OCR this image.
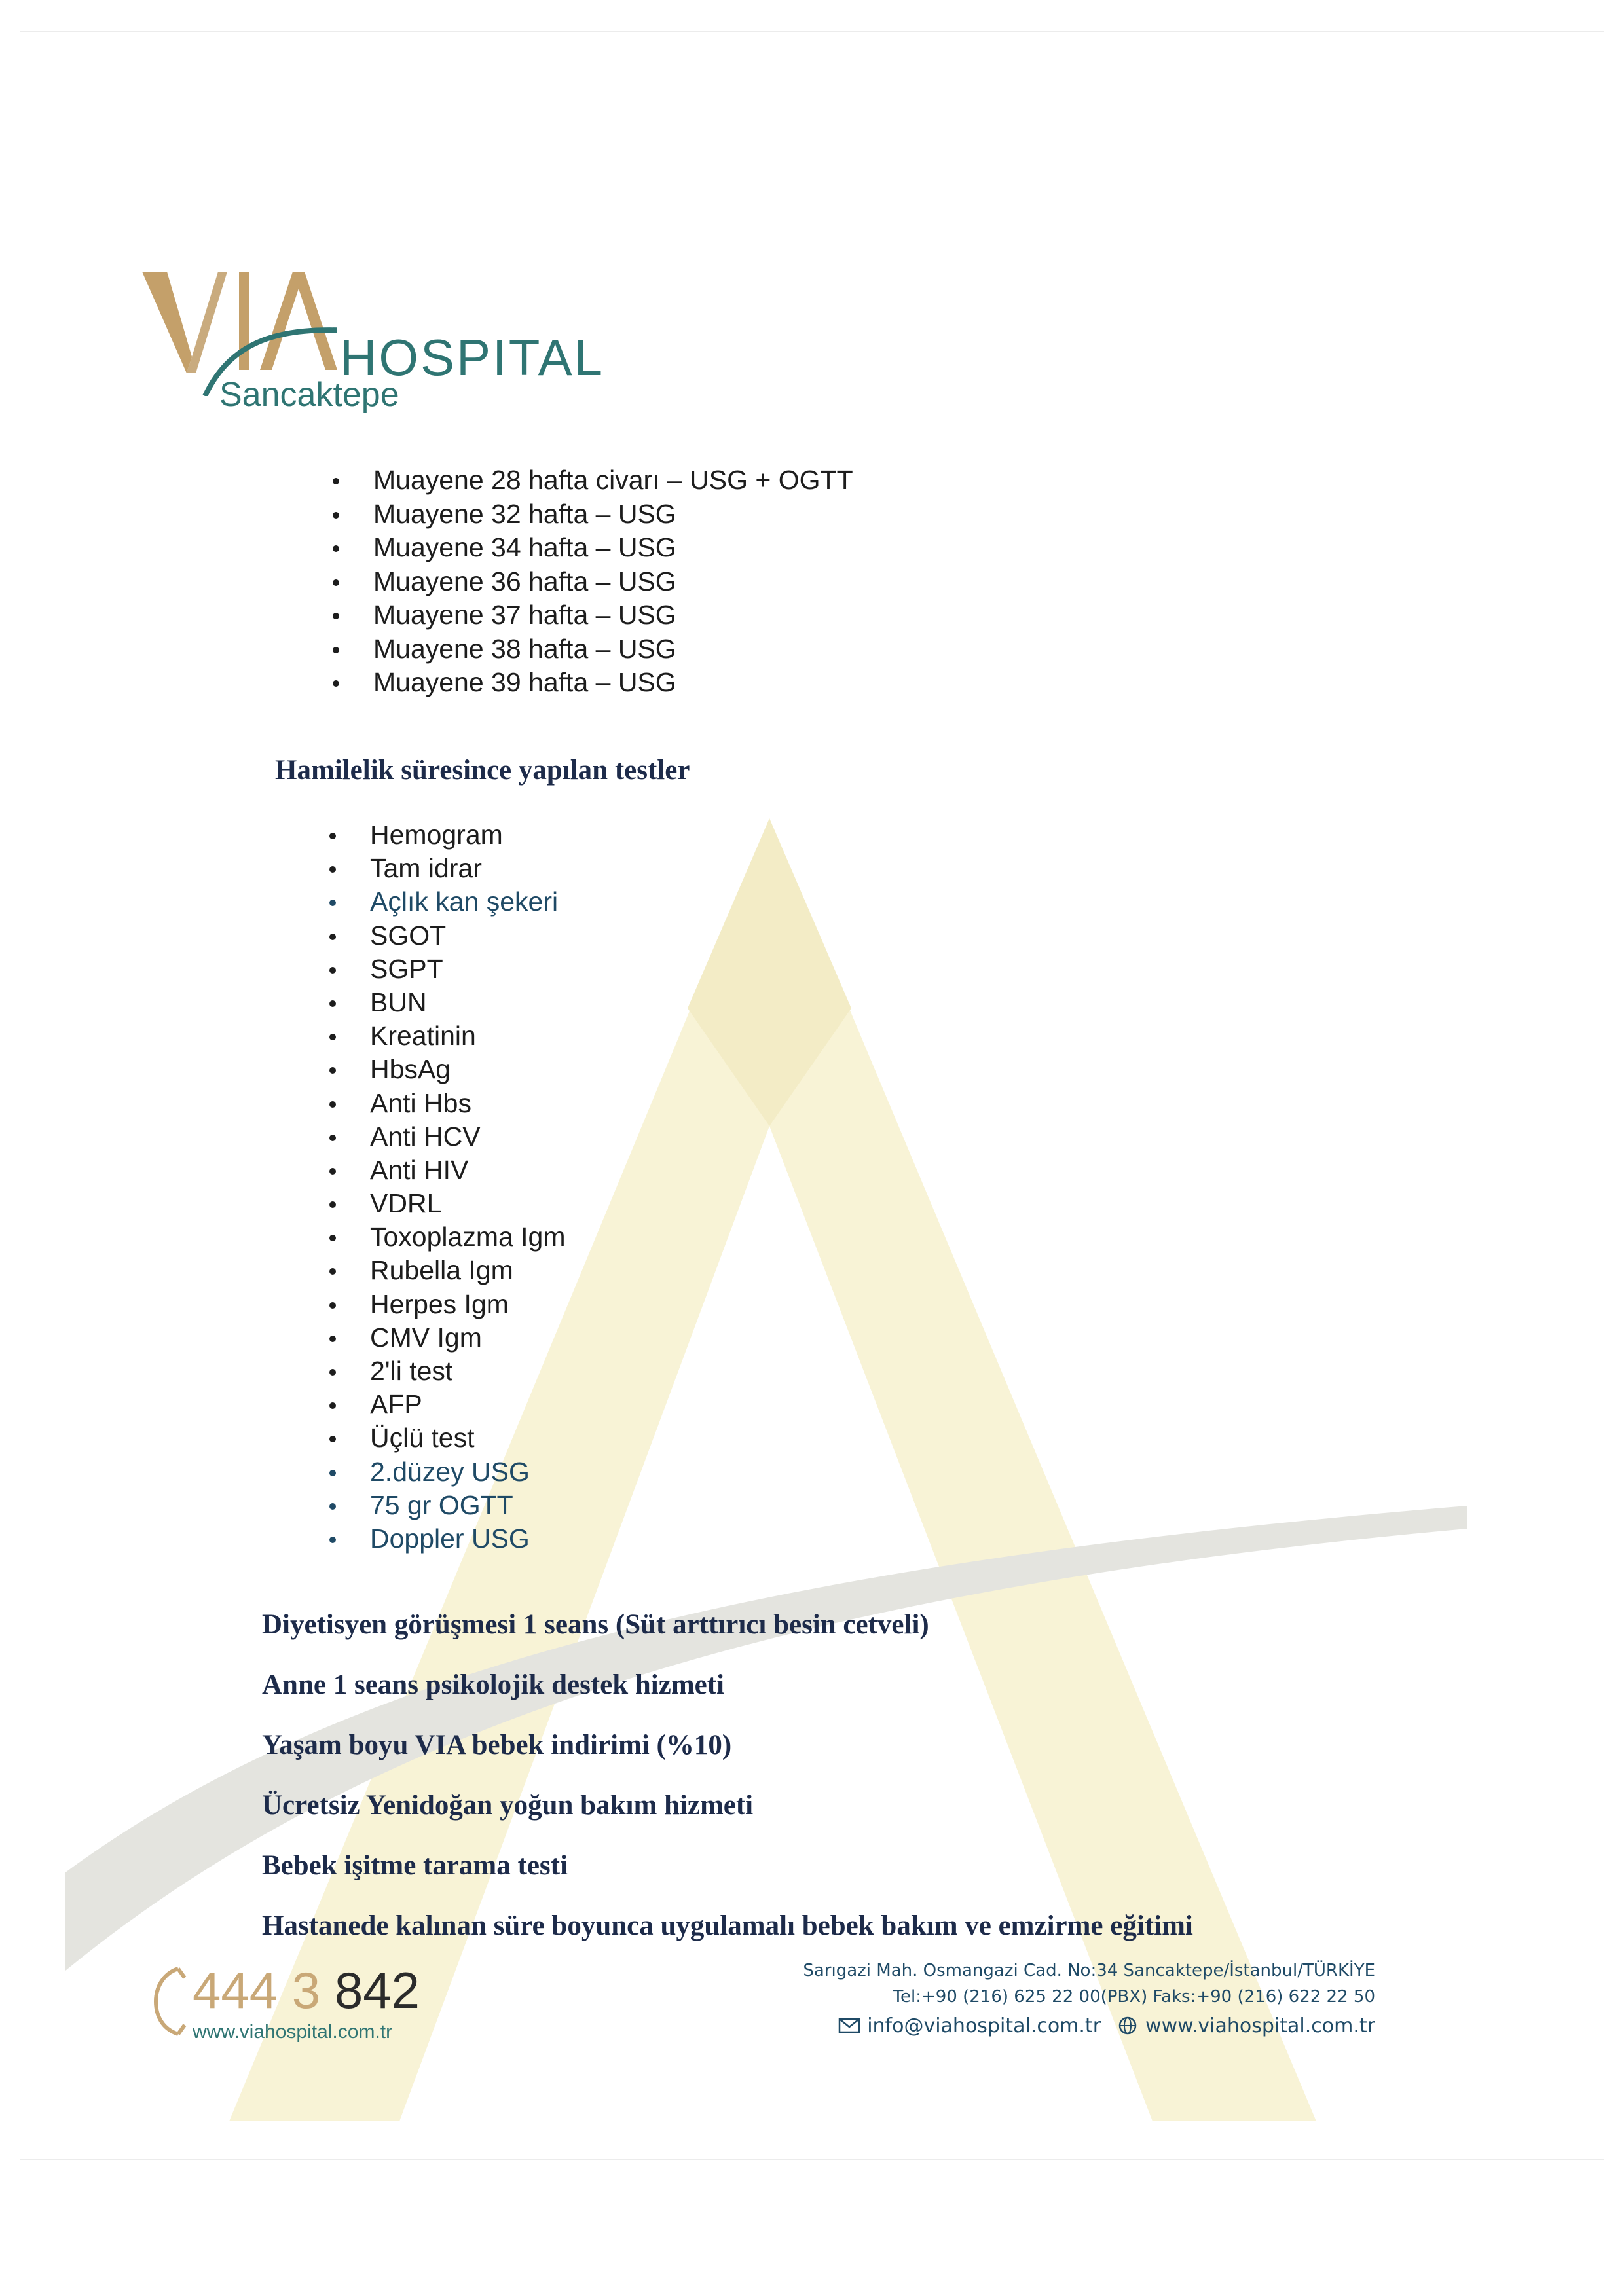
HOSPITAL
Sancaktepe
Muayene 28 hafta civarı – USG + OGTT
Muayene 32 hafta – USG
Muayene 34 hafta – USG
Muayene 36 hafta – USG
Muayene 37 hafta – USG
Muayene 38 hafta – USG
Muayene 39 hafta – USG
Hamilelik süresince yapılan testler
Hemogram
Tam idrar
Açlık kan şekeri
SGOT
SGPT
BUN
Kreatinin
HbsAg
Anti Hbs
Anti HCV
Anti HIV
VDRL
Toxoplazma Igm
Rubella Igm
Herpes Igm
CMV Igm
2'li test
AFP
Üçlü test
2.düzey USG
75 gr OGTT
Doppler USG
Diyetisyen görüşmesi 1 seans (Süt arttırıcı besin cetveli)
Anne 1 seans psikolojik destek hizmeti
Yaşam boyu VIA bebek indirimi (%10)
Ücretsiz Yenidoğan yoğun bakım hizmeti
Bebek işitme tarama testi
Hastanede kalınan süre boyunca uygulamalı bebek bakım ve emzirme eğitimi
444 3 842
www.viahospital.com.tr
Sarıgazi Mah. Osmangazi Cad. No:34 Sancaktepe/İstanbul/TÜRKİYE
Tel:+90 (216) 625 22 00(PBX) Faks:+90 (216) 622 22 50
info@viahospital.com.tr www.viahospital.com.tr
